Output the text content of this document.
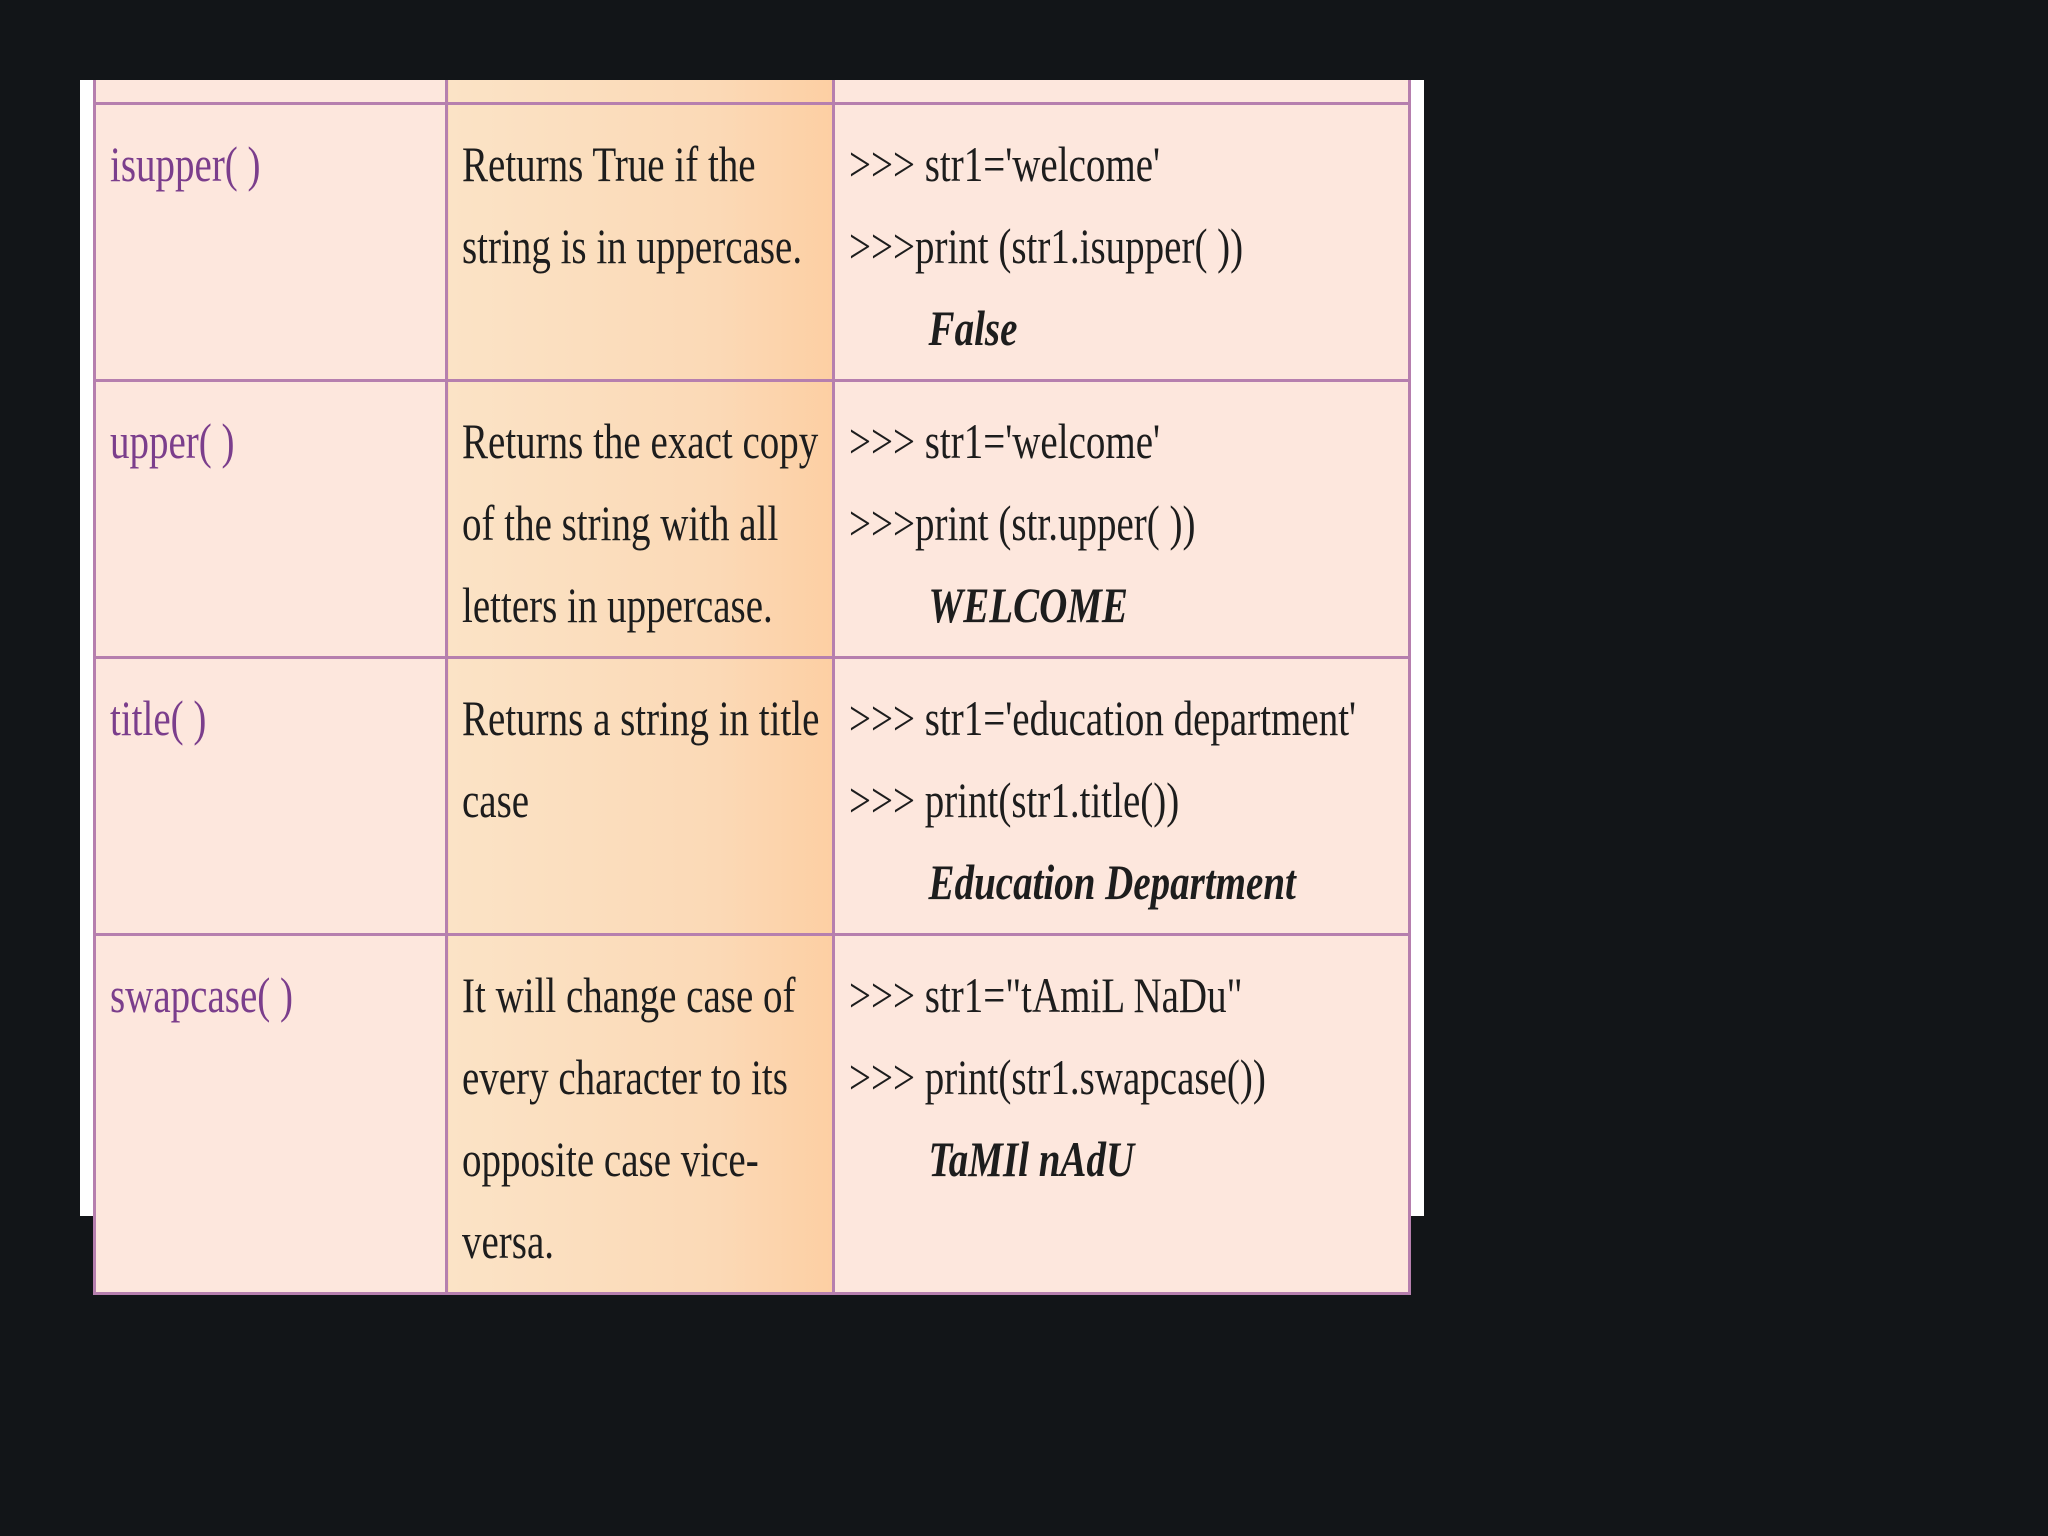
isupper( )	Returns True if the string is in uppercase.	>>> str1='welcome'
>>>print (str1.isupper( ))
False

upper( )	Returns the exact copy of the string with all letters in uppercase.	>>> str1='welcome'
>>>print (str.upper( ))
WELCOME

title( )	Returns a string in title case	>>> str1='education department'
>>> print(str1.title())
Education Department

swapcase( )	It will change case of every character to its opposite case vice-versa.	>>> str1="tAmiL NaDu"
>>> print(str1.swapcase())
TaMIl nAdU
